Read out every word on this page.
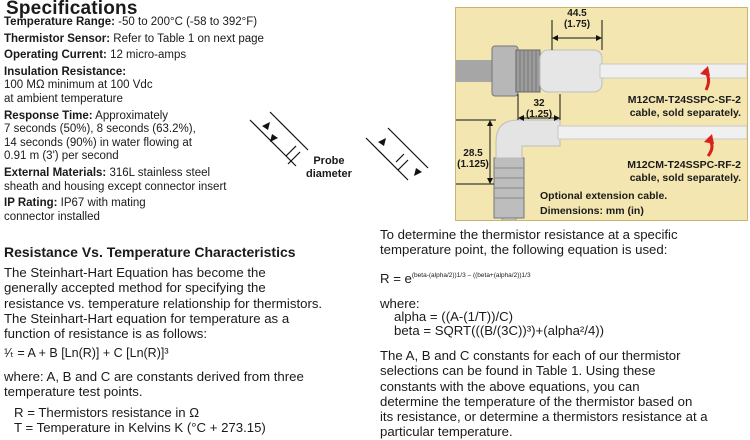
Specifications
Temperature Range: -50 to 200°C (-58 to 392°F)
Thermistor Sensor: Refer to Table 1 on next page
Operating Current: 12 micro-amps
Insulation Resistance:
100 MΩ minimum at 100 Vdc
at ambient temperature
Response Time: Approximately
7 seconds (50%), 8 seconds (63.2%),
14 seconds (90%) in water flowing at
0.91 m (3') per second
External Materials: 316L stainless steel
sheath and housing except connector insert
IP Rating: IP67 with mating
connector installed
Probe
diameter
44.5
(1.75)
32
(1.25)
28.5
(1.125)
M12CM-T24SSPC-SF-2
cable, sold separately.
M12CM-T24SSPC-RF-2
cable, sold separately.
Optional extension cable.
Dimensions: mm (in)
Resistance Vs. Temperature Characteristics
The Steinhart-Hart Equation has become the
generally accepted method for specifying the
resistance vs. temperature relationship for thermistors.
The Steinhart-Hart equation for temperature as a
function of resistance is as follows:
¹⁄ₜ = A + B [Ln(R)] + C [Ln(R)]³
where: A, B and C are constants derived from three
temperature test points.
R = Thermistors resistance in Ω
T = Temperature in Kelvins K (°C + 273.15)
To determine the thermistor resistance at a specific
temperature point, the following equation is used:
$R = e^{(beta-(alpha/2))1/3 - ((beta+(alpha/2))1/3}$
where:
alpha = ((A-(1/T))/C)
beta = SQRT(((B/(3C))³)+(alpha²/4))
The A, B and C constants for each of our thermistor
selections can be found in Table 1. Using these
constants with the above equations, you can
determine the temperature of the thermistor based on
its resistance, or determine a thermistors resistance at a
particular temperature.
